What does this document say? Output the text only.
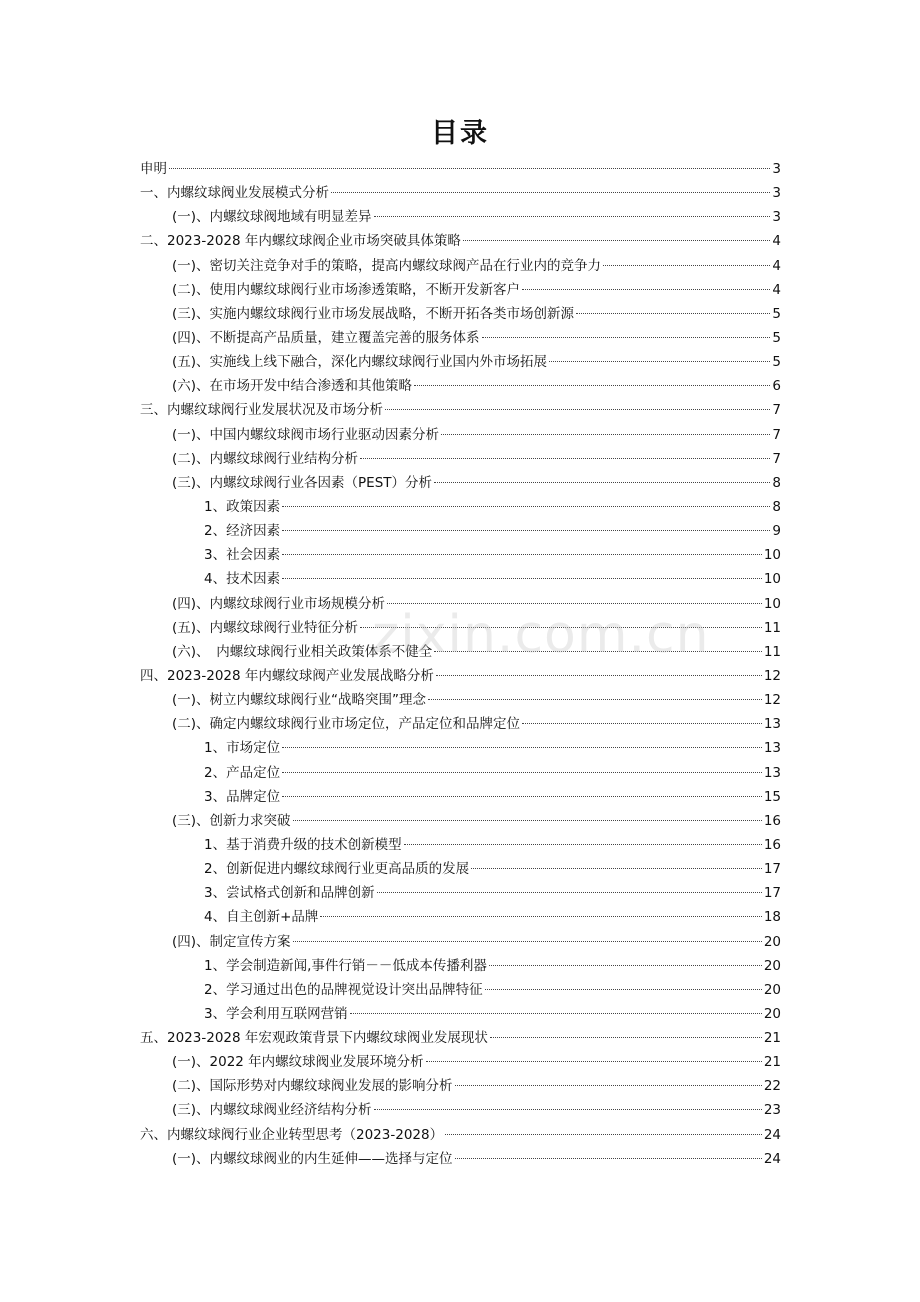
目录
申明	3
一、内螺纹球阀业发展模式分析	3
(一)、内螺纹球阀地域有明显差异	3
二、2023-2028 年内螺纹球阀企业市场突破具体策略	4
(一)、密切关注竞争对手的策略，提高内螺纹球阀产品在行业内的竞争力	4
(二)、使用内螺纹球阀行业市场渗透策略，不断开发新客户	4
(三)、实施内螺纹球阀行业市场发展战略，不断开拓各类市场创新源	5
(四)、不断提高产品质量，建立覆盖完善的服务体系	5
(五)、实施线上线下融合，深化内螺纹球阀行业国内外市场拓展	5
(六)、在市场开发中结合渗透和其他策略	6
三、内螺纹球阀行业发展状况及市场分析	7
(一)、中国内螺纹球阀市场行业驱动因素分析	7
(二)、内螺纹球阀行业结构分析	7
(三)、内螺纹球阀行业各因素（PEST）分析	8
1、政策因素	8
2、经济因素	9
3、社会因素	10
4、技术因素	10
(四)、内螺纹球阀行业市场规模分析	10
(五)、内螺纹球阀行业特征分析	11
(六)、　内螺纹球阀行业相关政策体系不健全	11
四、2023-2028 年内螺纹球阀产业发展战略分析	12
(一)、树立内螺纹球阀行业“战略突围”理念	12
(二)、确定内螺纹球阀行业市场定位，产品定位和品牌定位	13
1、市场定位	13
2、产品定位	13
3、品牌定位	15
(三)、创新力求突破	16
1、基于消费升级的技术创新模型	16
2、创新促进内螺纹球阀行业更高品质的发展	17
3、尝试格式创新和品牌创新	17
4、自主创新+品牌	18
(四)、制定宣传方案	20
1、学会制造新闻,事件行销－－低成本传播利器	20
2、学习通过出色的品牌视觉设计突出品牌特征	20
3、学会利用互联网营销	20
五、2023-2028 年宏观政策背景下内螺纹球阀业发展现状	21
(一)、2022 年内螺纹球阀业发展环境分析	21
(二)、国际形势对内螺纹球阀业发展的影响分析	22
(三)、内螺纹球阀业经济结构分析	23
六、内螺纹球阀行业企业转型思考（2023-2028）	24
(一)、内螺纹球阀业的内生延伸——选择与定位	24
zixin.com.cn
